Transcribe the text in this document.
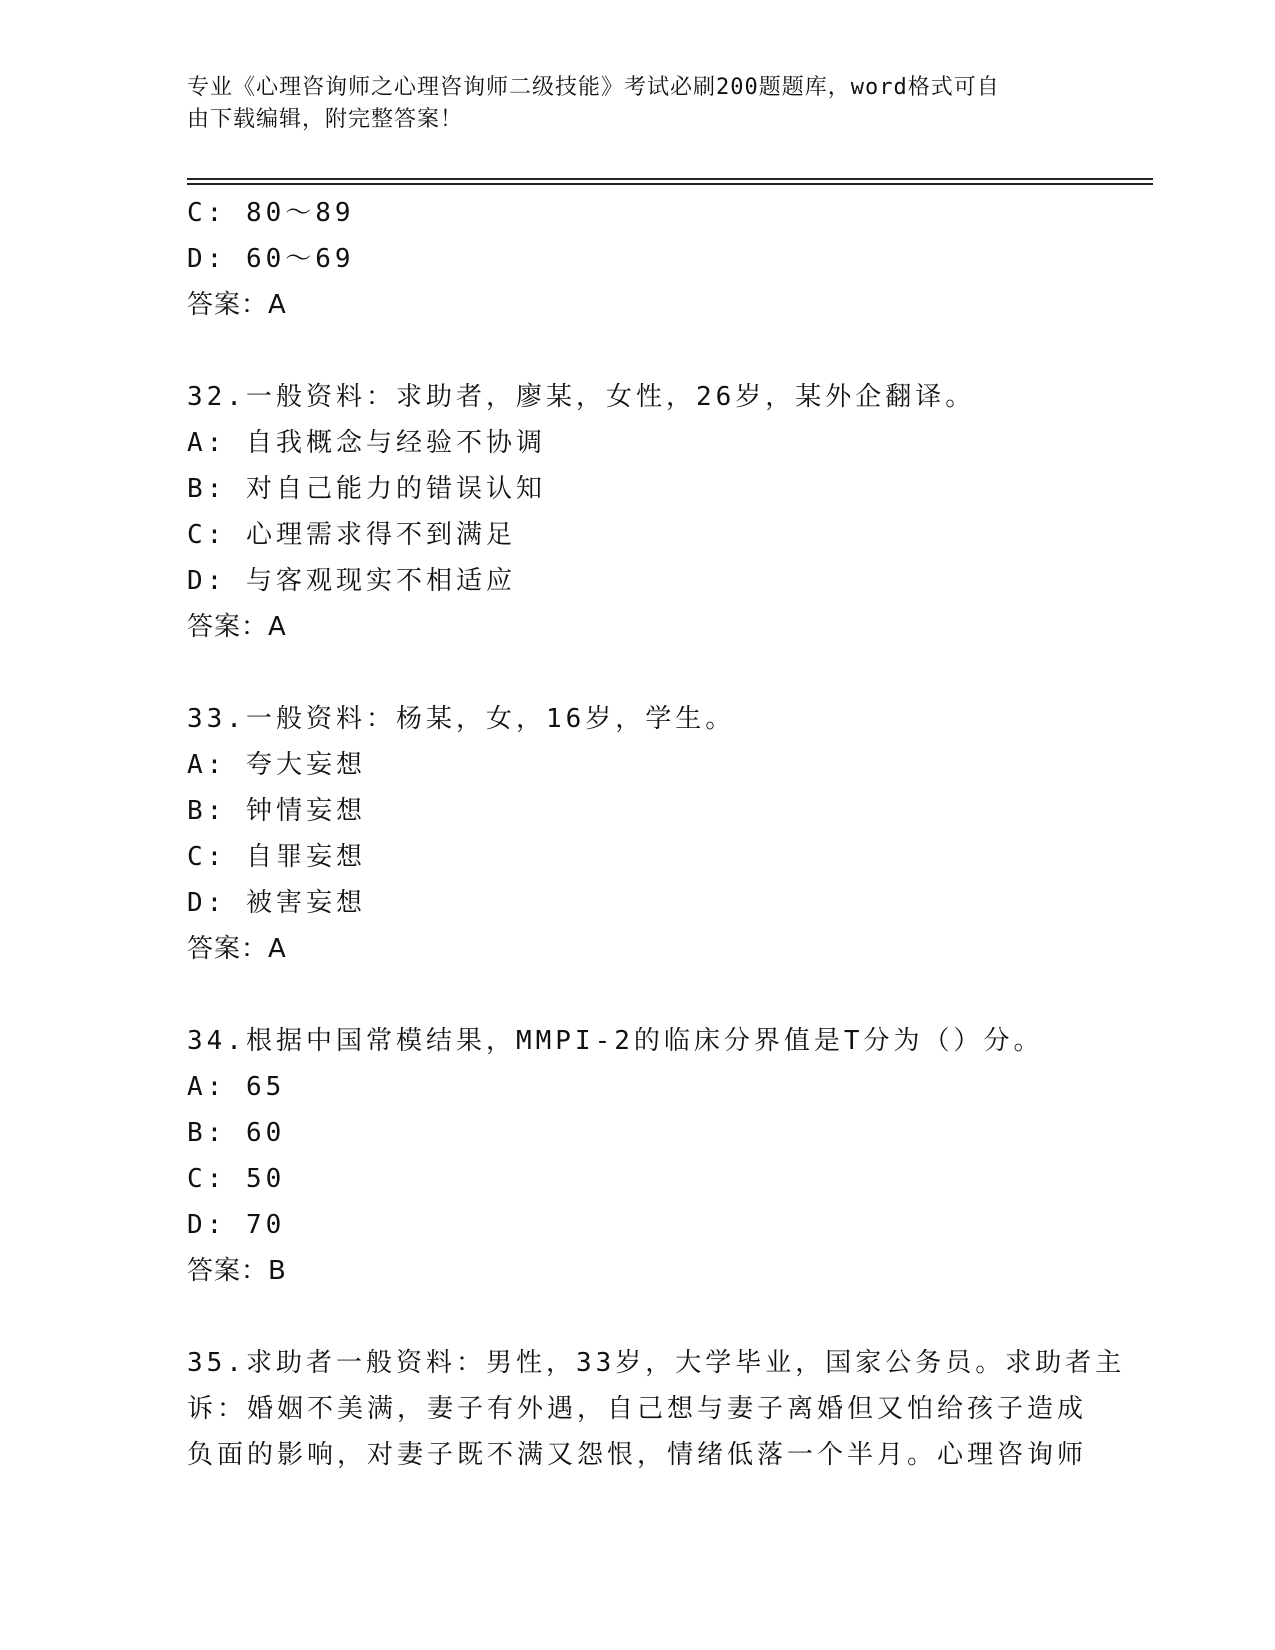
专业《心理咨询师之心理咨询师二级技能》考试必刷200题题库，word格式可自
由下载编辑，附完整答案！
C: 80～89
D: 60～69
答案：A
32.一般资料：求助者，廖某，女性，26岁，某外企翻译。
A: 自我概念与经验不协调
B: 对自己能力的错误认知
C: 心理需求得不到满足
D: 与客观现实不相适应
答案：A
33.一般资料：杨某，女，16岁，学生。
A: 夸大妄想
B: 钟情妄想
C: 自罪妄想
D: 被害妄想
答案：A
34.根据中国常模结果，MMPI-2的临床分界值是T分为（）分。
A: 65
B: 60
C: 50
D: 70
答案：B
35.求助者一般资料：男性，33岁，大学毕业，国家公务员。求助者主
诉：婚姻不美满，妻子有外遇，自己想与妻子离婚但又怕给孩子造成
负面的影响，对妻子既不满又怨恨，情绪低落一个半月。心理咨询师
